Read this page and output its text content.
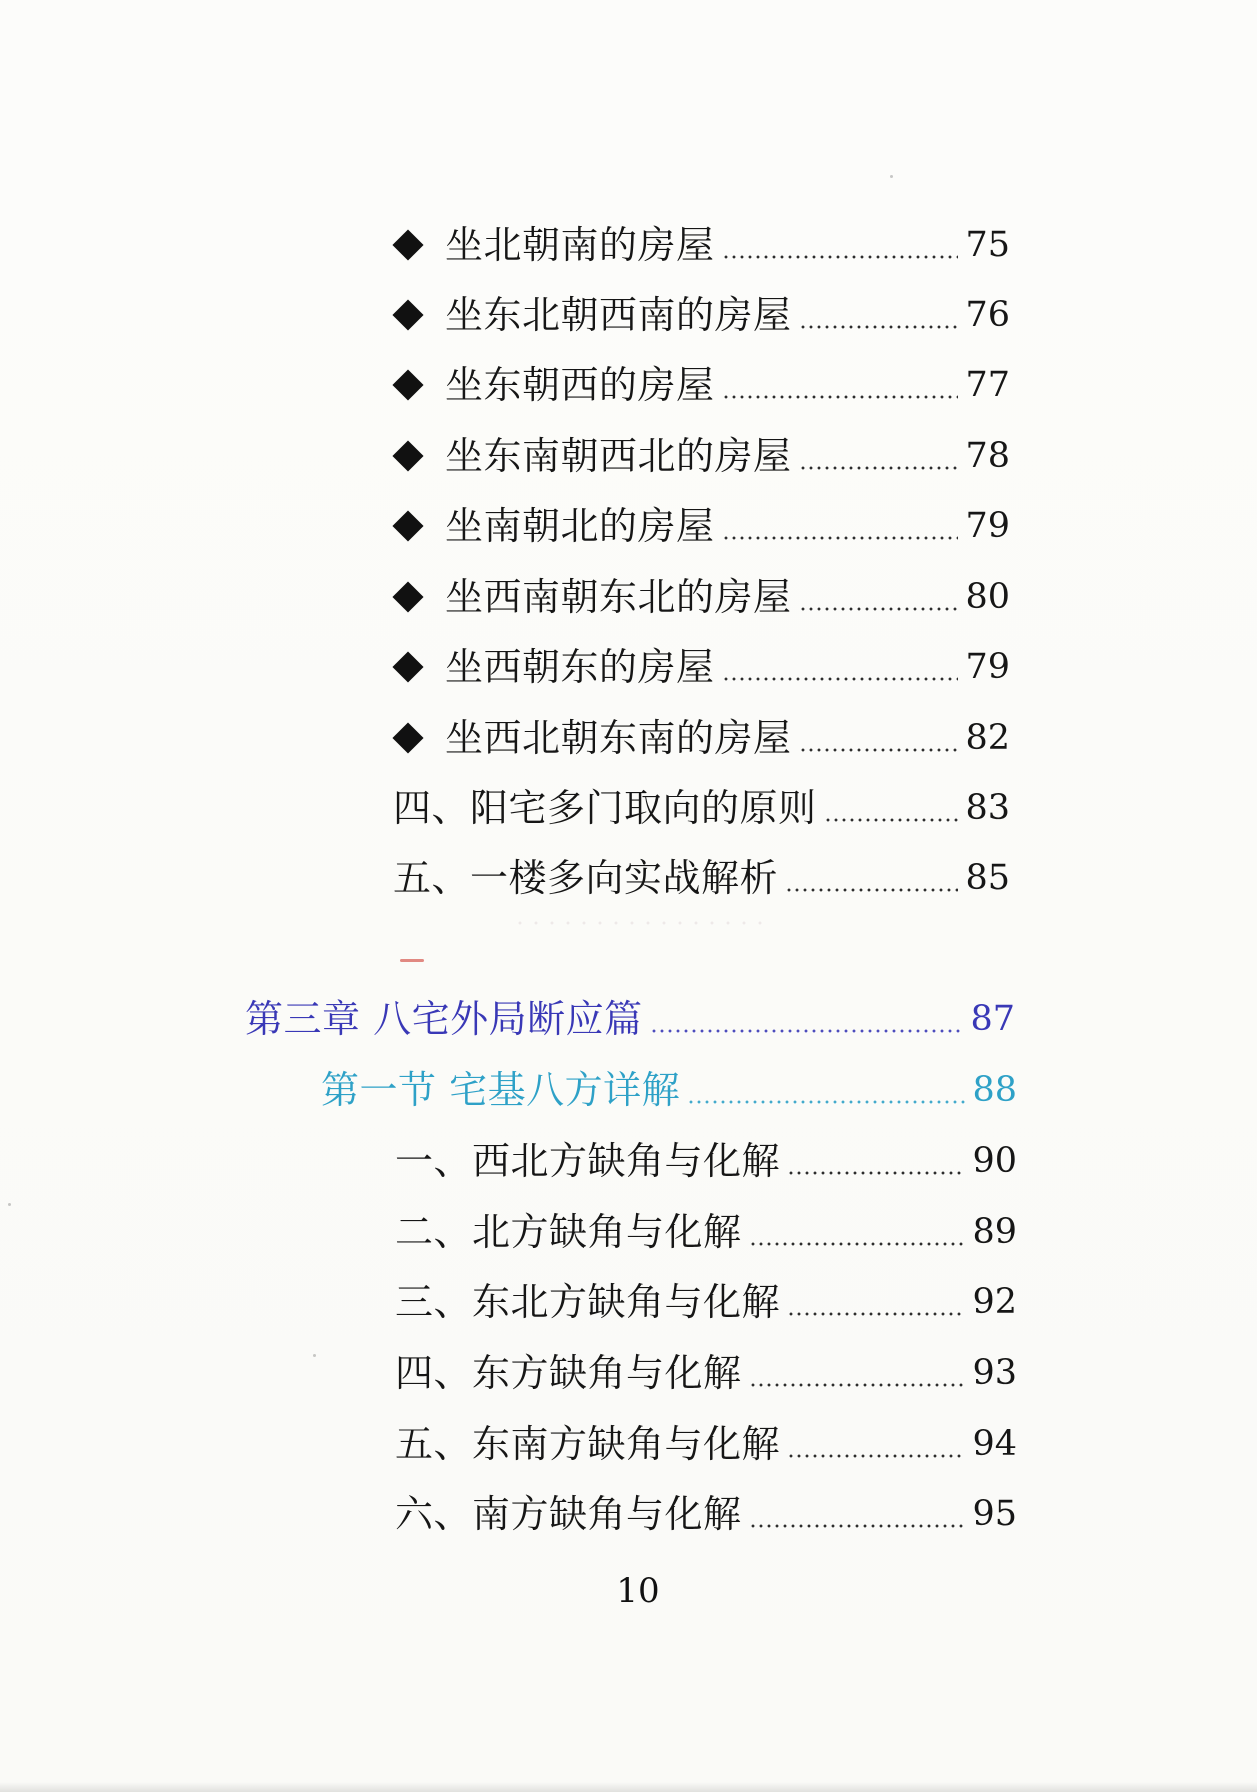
坐北朝南的房屋	75
坐东北朝西南的房屋	76
坐东朝西的房屋	77
坐东南朝西北的房屋	78
坐南朝北的房屋	79
坐西南朝东北的房屋	80
坐西朝东的房屋	79
坐西北朝东南的房屋	82
四、阳宅多门取向的原则	83
五、一楼多向实战解析	85
第三章 八宅外局断应篇	87
第一节 宅基八方详解	88
一、西北方缺角与化解	90
二、北方缺角与化解	89
三、东北方缺角与化解	92
四、东方缺角与化解	93
五、东南方缺角与化解	94
六、南方缺角与化解	95
10
